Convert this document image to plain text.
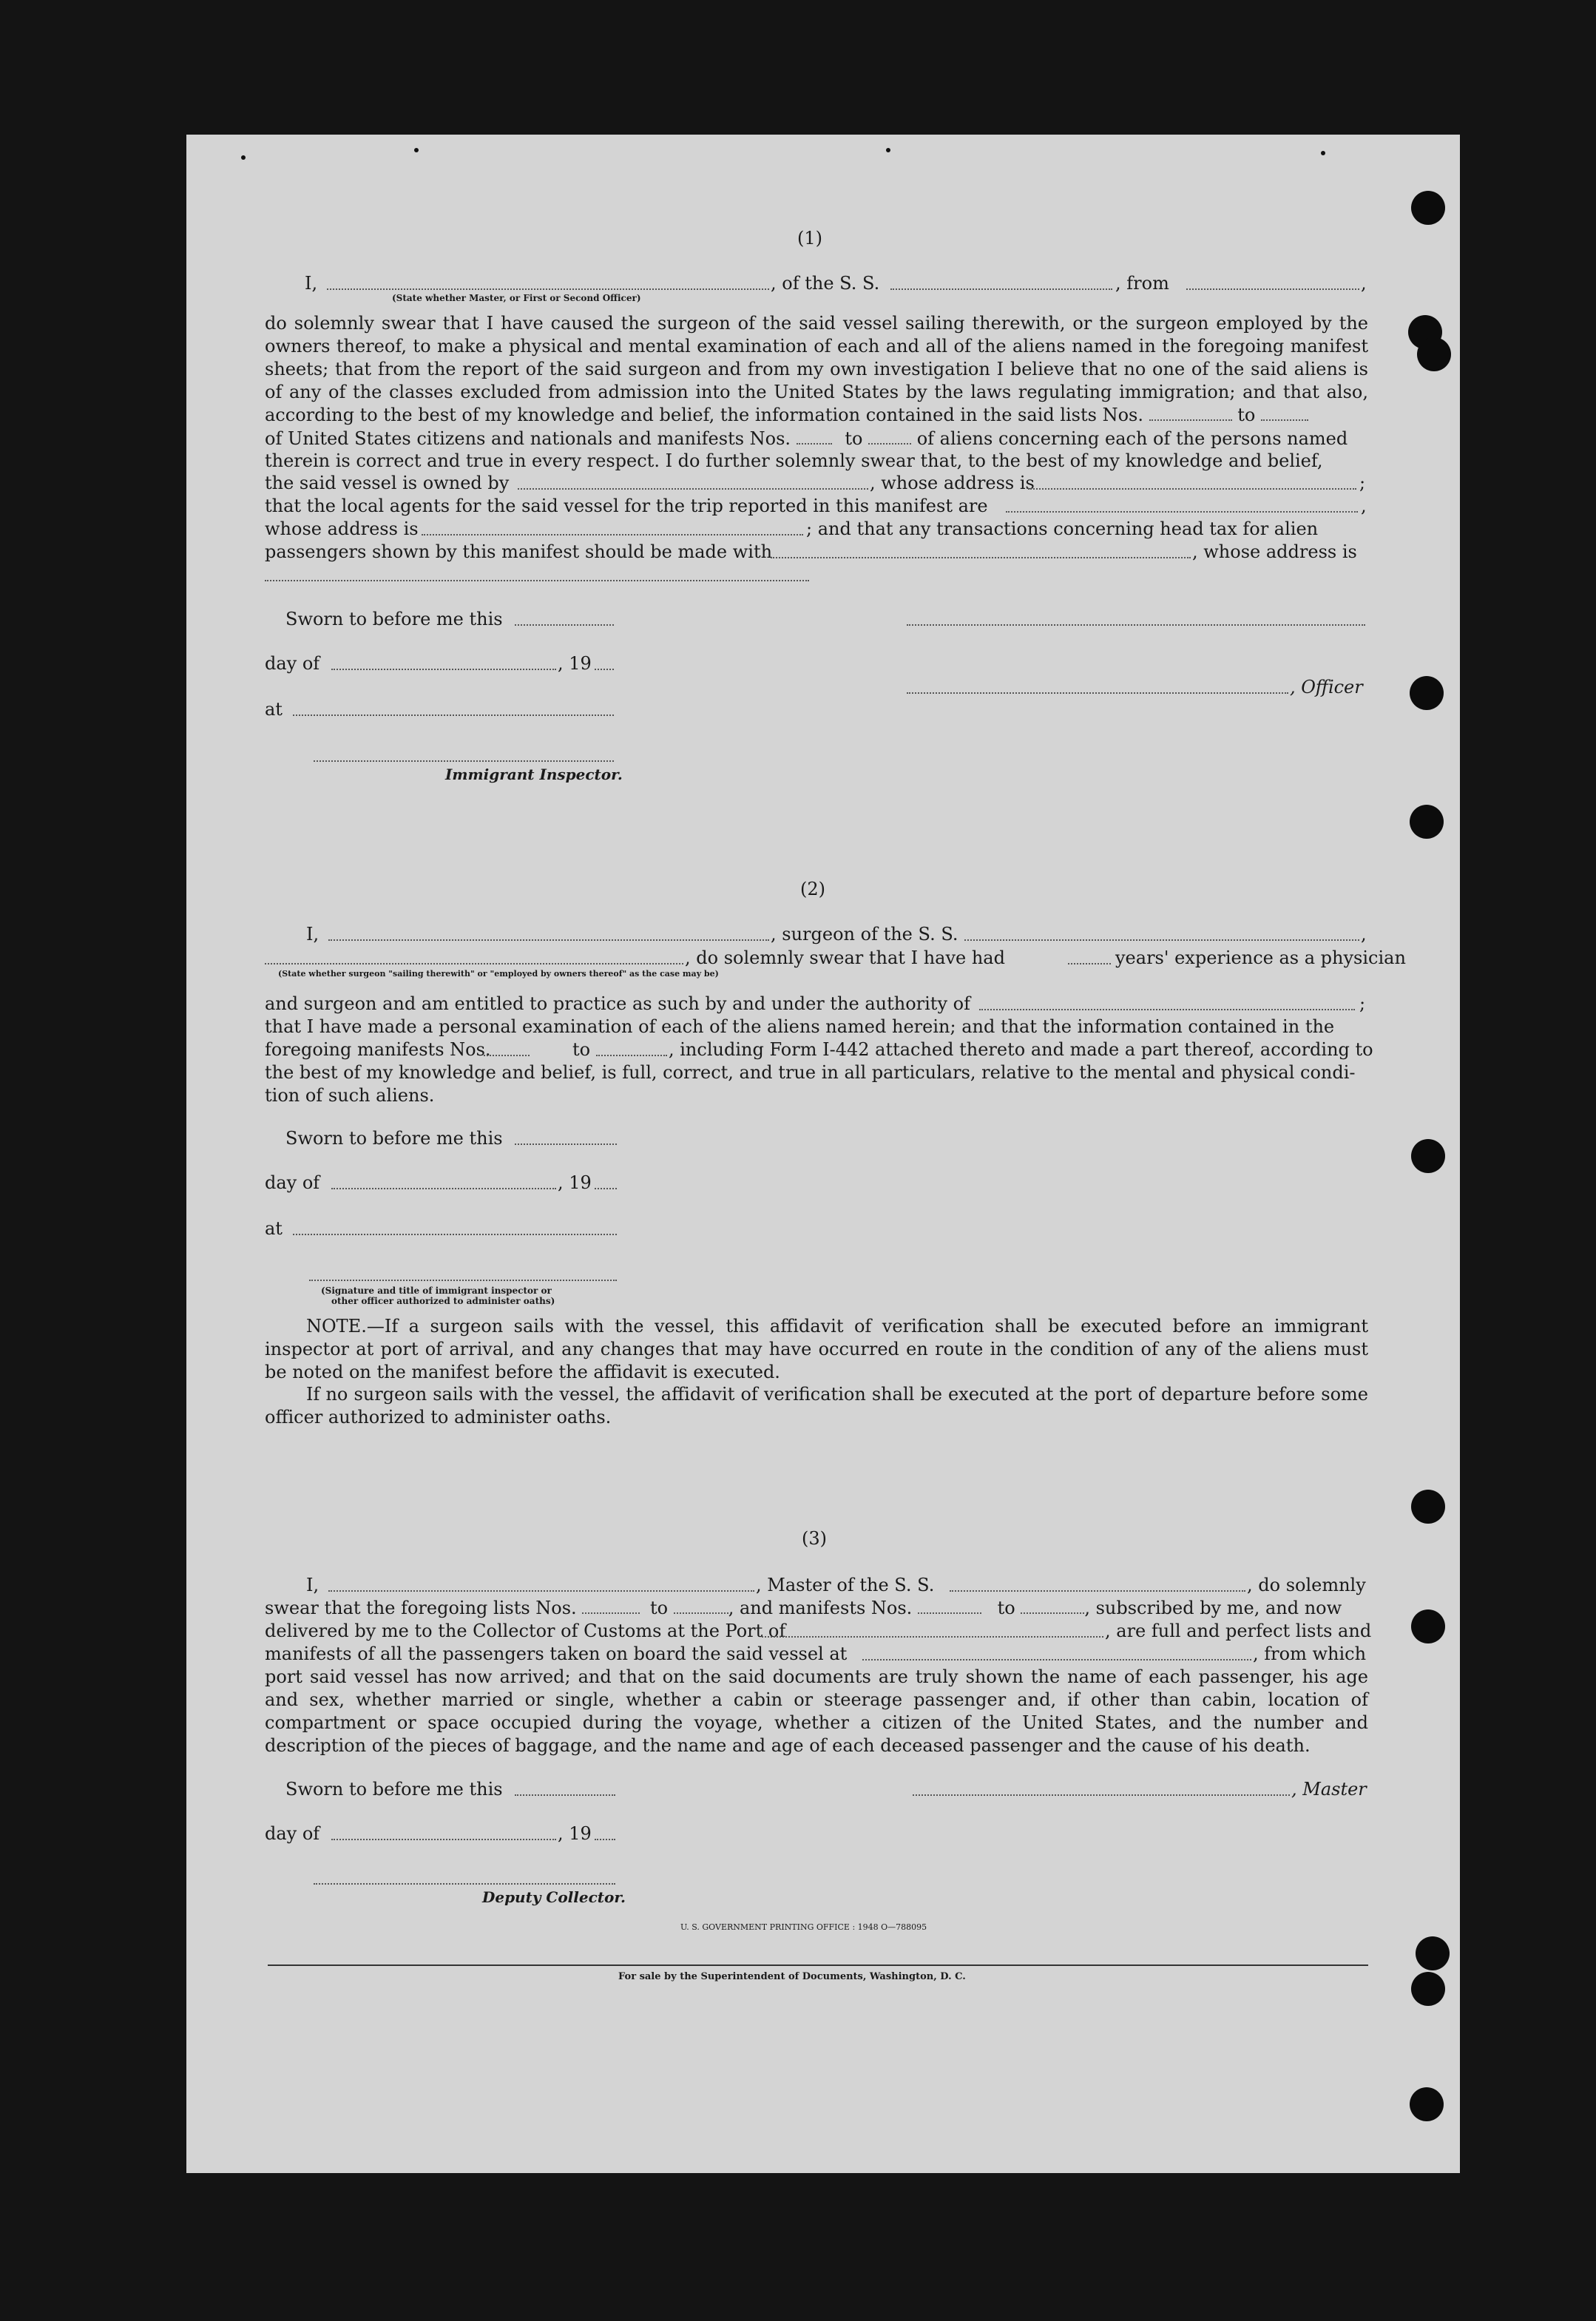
(1)
I,	, of the S. S.	, from	,
(State whether Master, or First or Second Officer)
do solemnly swear that I have caused the surgeon of the said vessel sailing therewith, or the surgeon employed by the owners thereof, to make a physical and mental examination of each and all of the aliens named in the foregoing manifest sheets; that from the report of the said surgeon and from my own investigation I believe that no one of the said aliens is of any of the classes excluded from admission into the United States by the laws regulating immigration; and that also, according to the best of my knowledge and belief, the information contained in the said lists Nos.	to
of United States citizens and nationals and manifests Nos.	to	of aliens concerning each of the persons named
therein is correct and true in every respect. I do further solemnly swear that, to the best of my knowledge and belief,
the said vessel is owned by	, whose address is	;
that the local agents for the said vessel for the trip reported in this manifest are	,
whose address is	; and that any transactions concerning head tax for alien
passengers shown by this manifest should be made with	, whose address is
Sworn to before me this
day of	, 19
, Officer
at
Immigrant Inspector.
(2)
I,	, surgeon of the S. S.	,
, do solemnly swear that I have had	years' experience as a physician
(State whether surgeon "sailing therewith" or "employed by owners thereof" as the case may be)
and surgeon and am entitled to practice as such by and under the authority of	;
that I have made a personal examination of each of the aliens named herein; and that the information contained in the
foregoing manifests Nos.	to	, including Form I-442 attached thereto and made a part thereof, according to
the best of my knowledge and belief, is full, correct, and true in all particulars, relative to the mental and physical condi-
tion of such aliens.
Sworn to before me this
day of	, 19
at
(Signature and title of immigrant inspector or
other officer authorized to administer oaths)
NOTE.—If a surgeon sails with the vessel, this affidavit of verification shall be executed before an immigrant inspector at port of arrival, and any changes that may have occurred en route in the condition of any of the aliens must be noted on the manifest before the affidavit is executed.
If no surgeon sails with the vessel, the affidavit of verification shall be executed at the port of departure before some officer authorized to administer oaths.
(3)
I,	, Master of the S. S.	, do solemnly
swear that the foregoing lists Nos.	to	, and manifests Nos.	to	, subscribed by me, and now
delivered by me to the Collector of Customs at the Port of	, are full and perfect lists and
manifests of all the passengers taken on board the said vessel at	, from which
port said vessel has now arrived; and that on the said documents are truly shown the name of each passenger, his age and sex, whether married or single, whether a cabin or steerage passenger and, if other than cabin, location of compartment or space occupied during the voyage, whether a citizen of the United States, and the number and description of the pieces of baggage, and the name and age of each deceased passenger and the cause of his death.
Sworn to before me this	, Master
day of	, 19
Deputy Collector.
U. S. GOVERNMENT PRINTING OFFICE : 1948 O—788095
For sale by the Superintendent of Documents, Washington, D. C.
